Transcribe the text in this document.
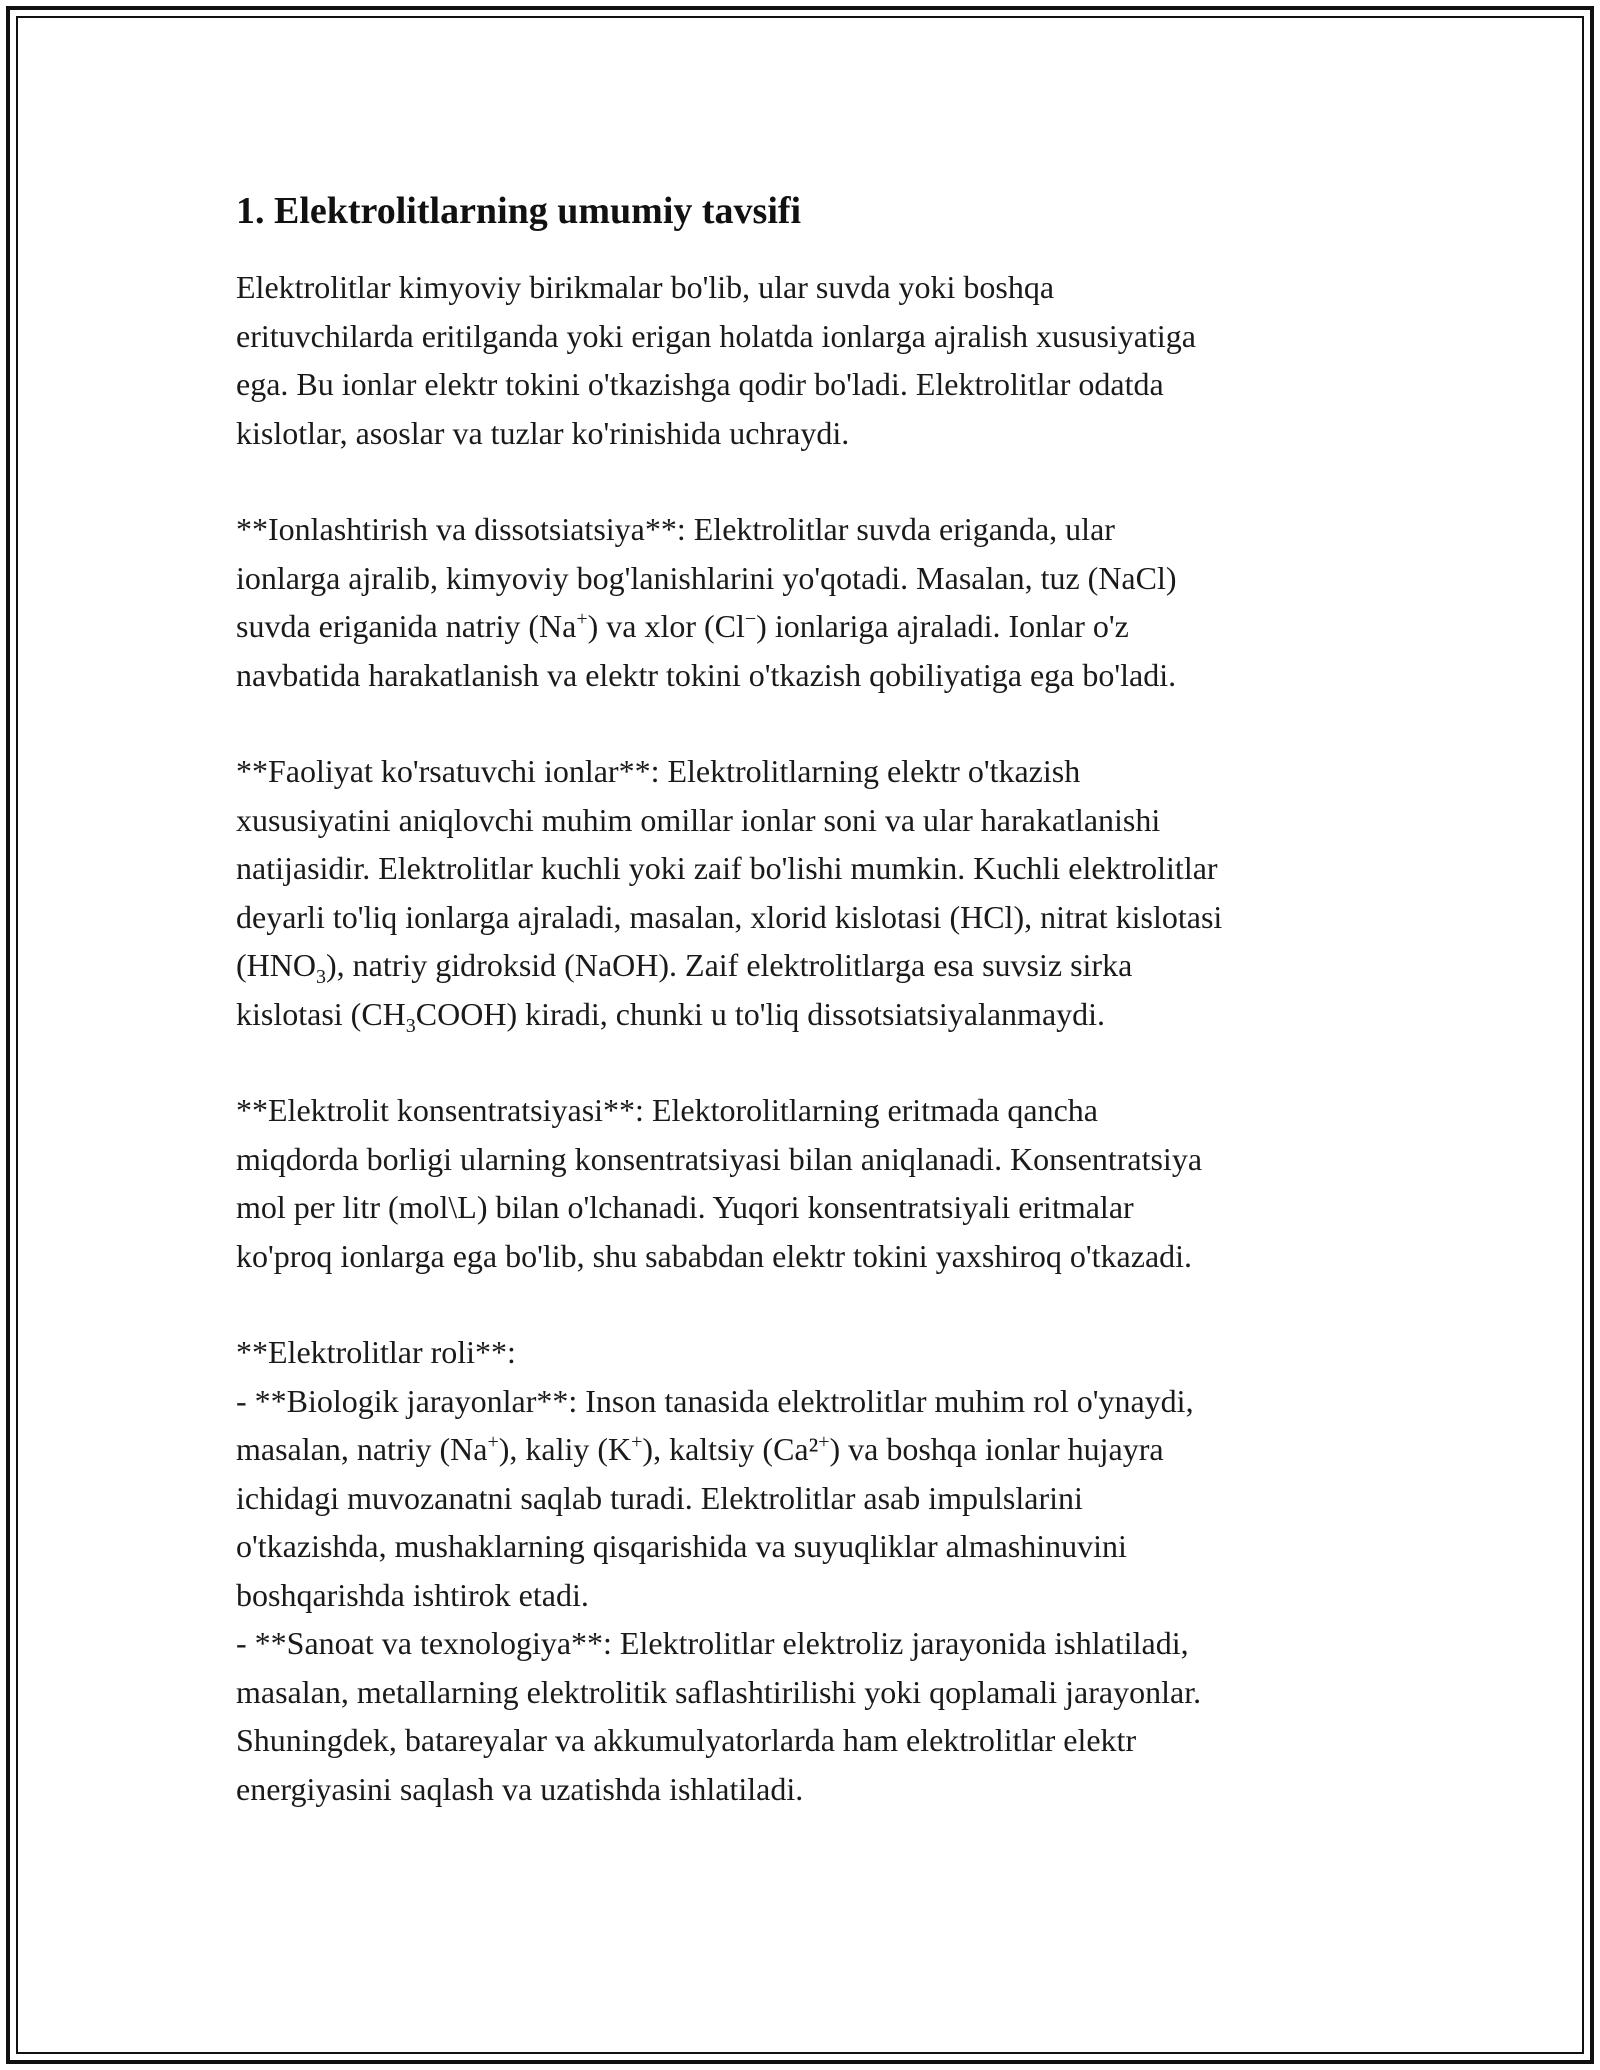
1. Elektrolitlarning umumiy tavsifi

Elektrolitlar kimyoviy birikmalar bo'lib, ular suvda yoki boshqa
erituvchilarda eritilganda yoki erigan holatda ionlarga ajralish xususiyatiga
ega. Bu ionlar elektr tokini o'tkazishga qodir bo'ladi. Elektrolitlar odatda
kislotlar, asoslar va tuzlar ko'rinishida uchraydi.

**Ionlashtirish va dissotsiatsiya**: Elektrolitlar suvda eriganda, ular
ionlarga ajralib, kimyoviy bog'lanishlarini yo'qotadi. Masalan, tuz (NaCl)
suvda eriganida natriy (Na+) va xlor (Cl−) ionlariga ajraladi. Ionlar o'z
navbatida harakatlanish va elektr tokini o'tkazish qobiliyatiga ega bo'ladi.

**Faoliyat ko'rsatuvchi ionlar**: Elektrolitlarning elektr o'tkazish
xususiyatini aniqlovchi muhim omillar ionlar soni va ular harakatlanishi
natijasidir. Elektrolitlar kuchli yoki zaif bo'lishi mumkin. Kuchli elektrolitlar
deyarli to'liq ionlarga ajraladi, masalan, xlorid kislotasi (HCl), nitrat kislotasi
$(HNO_3)$, natriy gidroksid (NaOH). Zaif elektrolitlarga esa suvsiz sirka
kislotasi $(CH_3COOH)$ kiradi, chunki u to'liq dissotsiatsiyalanmaydi.

**Elektrolit konsentratsiyasi**: Elektorolitlarning eritmada qancha
miqdorda borligi ularning konsentratsiyasi bilan aniqlanadi. Konsentratsiya
mol per litr (mol\L) bilan o'lchanadi. Yuqori konsentratsiyali eritmalar
ko'proq ionlarga ega bo'lib, shu sababdan elektr tokini yaxshiroq o'tkazadi.

**Elektrolitlar roli**:
- **Biologik jarayonlar**: Inson tanasida elektrolitlar muhim rol o'ynaydi,
masalan, natriy (Na+), kaliy (K+), kaltsiy (Ca²+) va boshqa ionlar hujayra
ichidagi muvozanatni saqlab turadi. Elektrolitlar asab impulslarini
o'tkazishda, mushaklarning qisqarishida va suyuqliklar almashinuvini
boshqarishda ishtirok etadi.
- **Sanoat va texnologiya**: Elektrolitlar elektroliz jarayonida ishlatiladi,
masalan, metallarning elektrolitik saflashtirilishi yoki qoplamali jarayonlar.
Shuningdek, batareyalar va akkumulyatorlarda ham elektrolitlar elektr
energiyasini saqlash va uzatishda ishlatiladi.
